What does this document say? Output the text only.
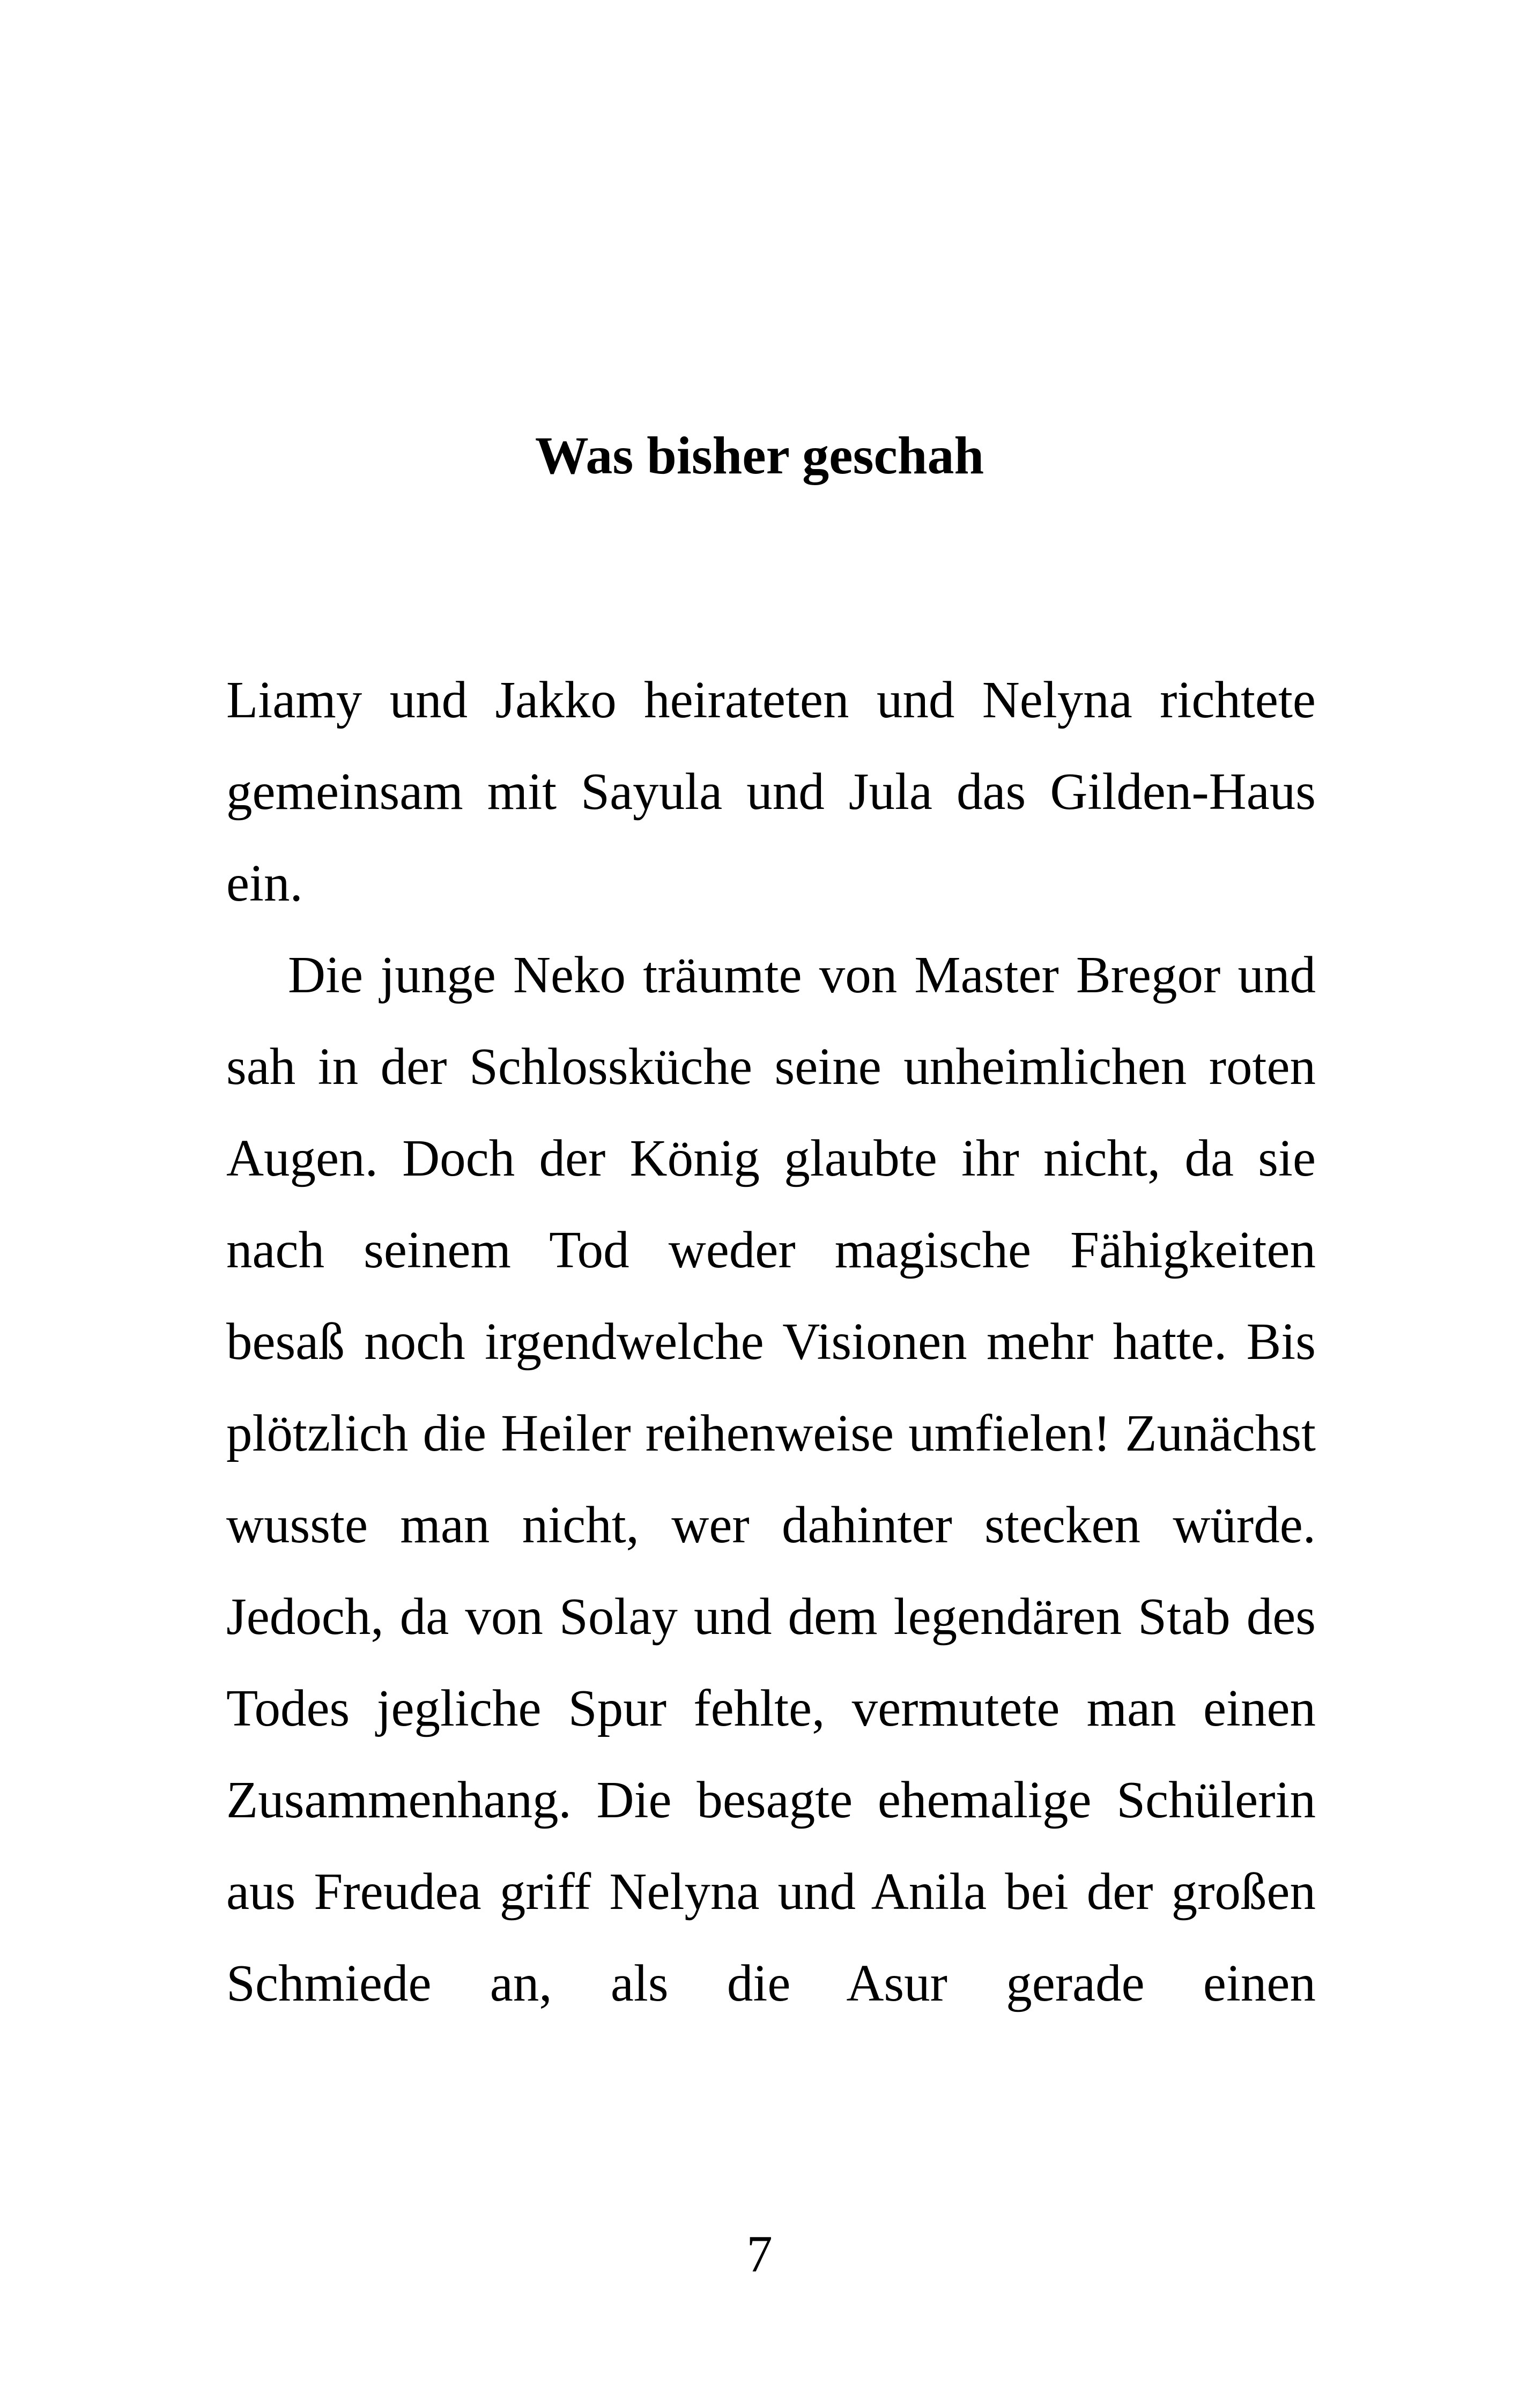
Was bisher geschah

Liamy und Jakko heirateten und Nelyna richtete gemeinsam mit Sayula und Jula das Gilden-Haus ein.

Die junge Neko träumte von Master Bregor und sah in der Schlossküche seine unheimlichen roten Augen. Doch der König glaubte ihr nicht, da sie nach seinem Tod weder magische Fähigkeiten besaß noch irgendwelche Visionen mehr hatte. Bis plötzlich die Heiler reihenweise umfielen! Zunächst wusste man nicht, wer dahinter stecken würde. Jedoch, da von Solay und dem legendären Stab des Todes jegliche Spur fehlte, vermutete man einen Zusammenhang. Die besagte ehemalige Schülerin aus Freudea griff Nelyna und Anila bei der großen Schmiede an, als die Asur gerade einen

7
